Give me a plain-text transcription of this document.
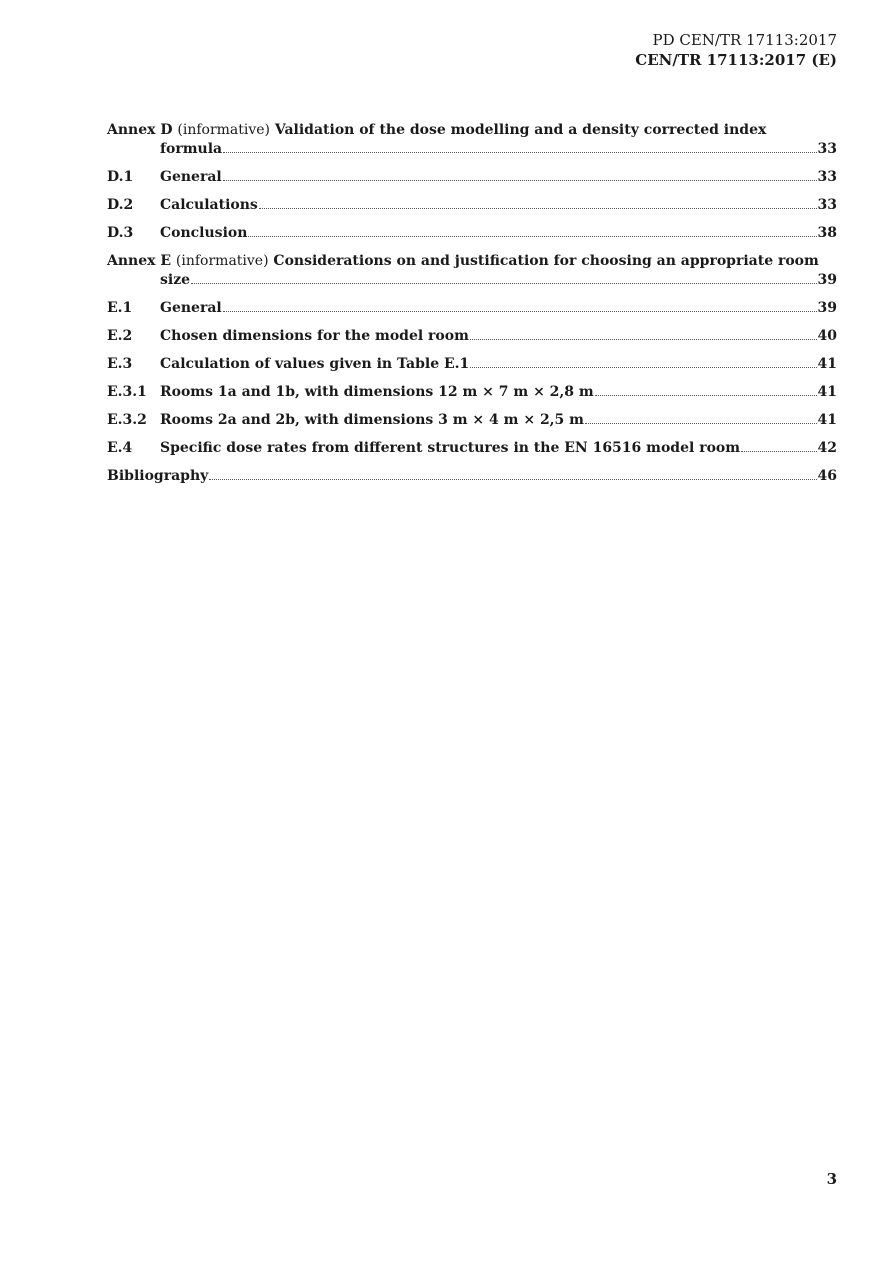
PD CEN/TR 17113:2017
CEN/TR 17113:2017 (E)
Annex D (informative) Validation of the dose modelling and a density corrected index
formula	33
D.1	General	33
D.2	Calculations	33
D.3	Conclusion	38
Annex E (informative) Considerations on and justification for choosing an appropriate room
size	39
E.1	General	39
E.2	Chosen dimensions for the model room	40
E.3	Calculation of values given in Table E.1	41
E.3.1 Rooms 1a and 1b, with dimensions 12 m × 7 m × 2,8 m	41
E.3.2 Rooms 2a and 2b, with dimensions 3 m × 4 m × 2,5 m	41
E.4	Specific dose rates from different structures in the EN 16516 model room	42
Bibliography	46
3
